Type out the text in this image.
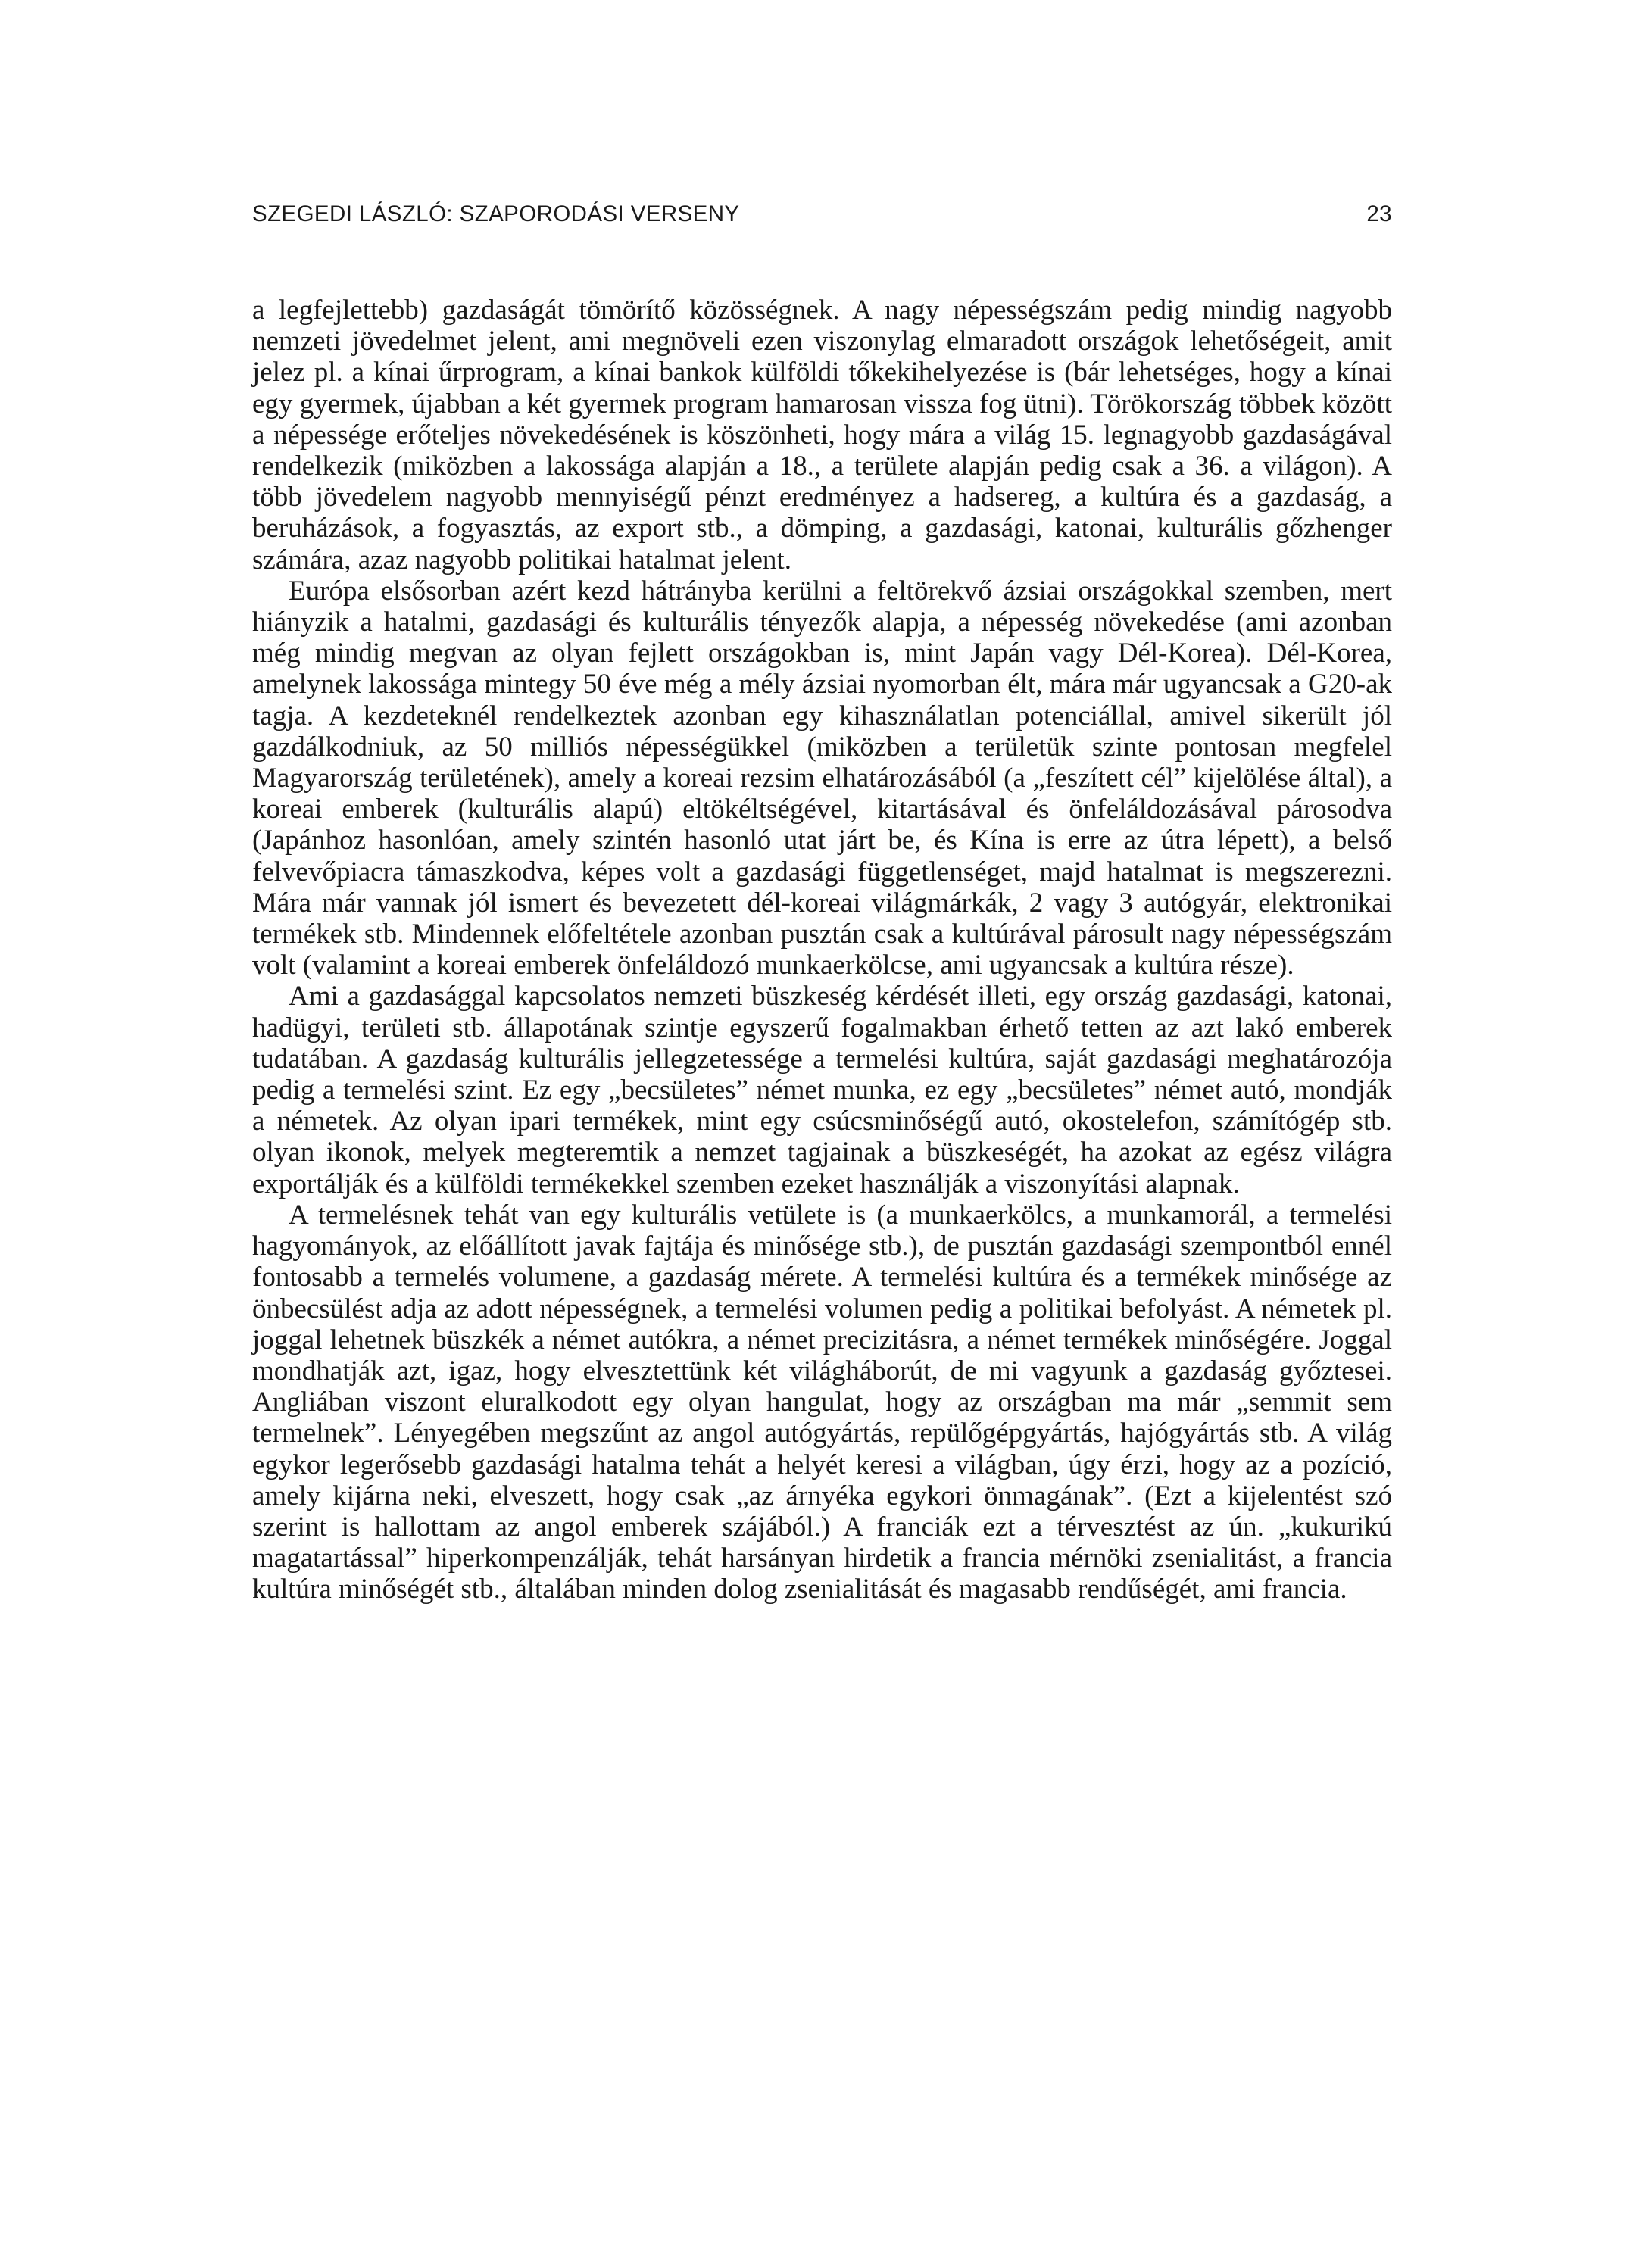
SZEGEDI LÁSZLÓ: SZAPORODÁSI VERSENY	23

a legfejlettebb) gazdaságát tömörítő közösségnek. A nagy népességszám pedig mindig nagyobb nemzeti jövedelmet jelent, ami megnöveli ezen viszonylag elmaradott országok lehetőségeit, amit jelez pl. a kínai űrprogram, a kínai bankok külföldi tőkekihelyezése is (bár lehetséges, hogy a kínai egy gyermek, újabban a két gyermek program hamarosan vissza fog ütni). Törökország többek között a népessége erőteljes növekedésének is köszönheti, hogy mára a világ 15. legnagyobb gazdaságával rendelkezik (miközben a lakossága alapján a 18., a területe alapján pedig csak a 36. a világon). A több jövedelem nagyobb mennyiségű pénzt eredményez a hadsereg, a kultúra és a gazdaság, a beruházások, a fogyasztás, az export stb., a dömping, a gazdasági, katonai, kulturális gőzhenger számára, azaz nagyobb politikai hatalmat jelent.

Európa elsősorban azért kezd hátrányba kerülni a feltörekvő ázsiai országokkal szemben, mert hiányzik a hatalmi, gazdasági és kulturális tényezők alapja, a népesség növekedése (ami azonban még mindig megvan az olyan fejlett országokban is, mint Japán vagy Dél-Korea). Dél-Korea, amelynek lakossága mintegy 50 éve még a mély ázsiai nyomorban élt, mára már ugyancsak a G20-ak tagja. A kezdeteknél rendelkeztek azonban egy kihasználatlan potenciállal, amivel sikerült jól gazdálkodniuk, az 50 milliós népességükkel (miközben a területük szinte pontosan megfelel Magyarország területének), amely a koreai rezsim elhatározásából (a „feszített cél” kijelölése által), a koreai emberek (kulturális alapú) eltökéltségével, kitartásával és önfeláldozásával párosodva (Japánhoz hasonlóan, amely szintén hasonló utat járt be, és Kína is erre az útra lépett), a belső felvevőpiacra támaszkodva, képes volt a gazdasági függetlenséget, majd hatalmat is megszerezni. Mára már vannak jól ismert és bevezetett dél-koreai világmárkák, 2 vagy 3 autógyár, elektronikai termékek stb. Mindennek előfeltétele azonban pusztán csak a kultúrával párosult nagy népességszám volt (valamint a koreai emberek önfeláldozó munkaerkölcse, ami ugyancsak a kultúra része).

Ami a gazdasággal kapcsolatos nemzeti büszkeség kérdését illeti, egy ország gazdasági, katonai, hadügyi, területi stb. állapotának szintje egyszerű fogalmakban érhető tetten az azt lakó emberek tudatában. A gazdaság kulturális jellegzetessége a termelési kultúra, saját gazdasági meghatározója pedig a termelési szint. Ez egy „becsületes” német munka, ez egy „becsületes” német autó, mondják a németek. Az olyan ipari termékek, mint egy csúcsminőségű autó, okostelefon, számítógép stb. olyan ikonok, melyek megteremtik a nemzet tagjainak a büszkeségét, ha azokat az egész világra exportálják és a külföldi termékekkel szemben ezeket használják a viszonyítási alapnak.

A termelésnek tehát van egy kulturális vetülete is (a munkaerkölcs, a munkamorál, a termelési hagyományok, az előállított javak fajtája és minősége stb.), de pusztán gazdasági szempontból ennél fontosabb a termelés volumene, a gazdaság mérete. A termelési kultúra és a termékek minősége az önbecsülést adja az adott népességnek, a termelési volumen pedig a politikai befolyást. A németek pl. joggal lehetnek büszkék a német autókra, a német precizitásra, a német termékek minőségére. Joggal mondhatják azt, igaz, hogy elvesztettünk két világháborút, de mi vagyunk a gazdaság győztesei. Angliában viszont eluralkodott egy olyan hangulat, hogy az országban ma már „semmit sem termelnek”. Lényegében megszűnt az angol autógyártás, repülőgépgyártás, hajógyártás stb. A világ egykor legerősebb gazdasági hatalma tehát a helyét keresi a világban, úgy érzi, hogy az a pozíció, amely kijárna neki, elveszett, hogy csak „az árnyéka egykori önmagának”. (Ezt a kijelentést szó szerint is hallottam az angol emberek szájából.) A franciák ezt a térvesztést az ún. „kukurikú magatartással” hiperkompenzálják, tehát harsányan hirdetik a francia mérnöki zsenialitást, a francia kultúra minőségét stb., általában minden dolog zsenialitását és magasabb rendűségét, ami francia.
